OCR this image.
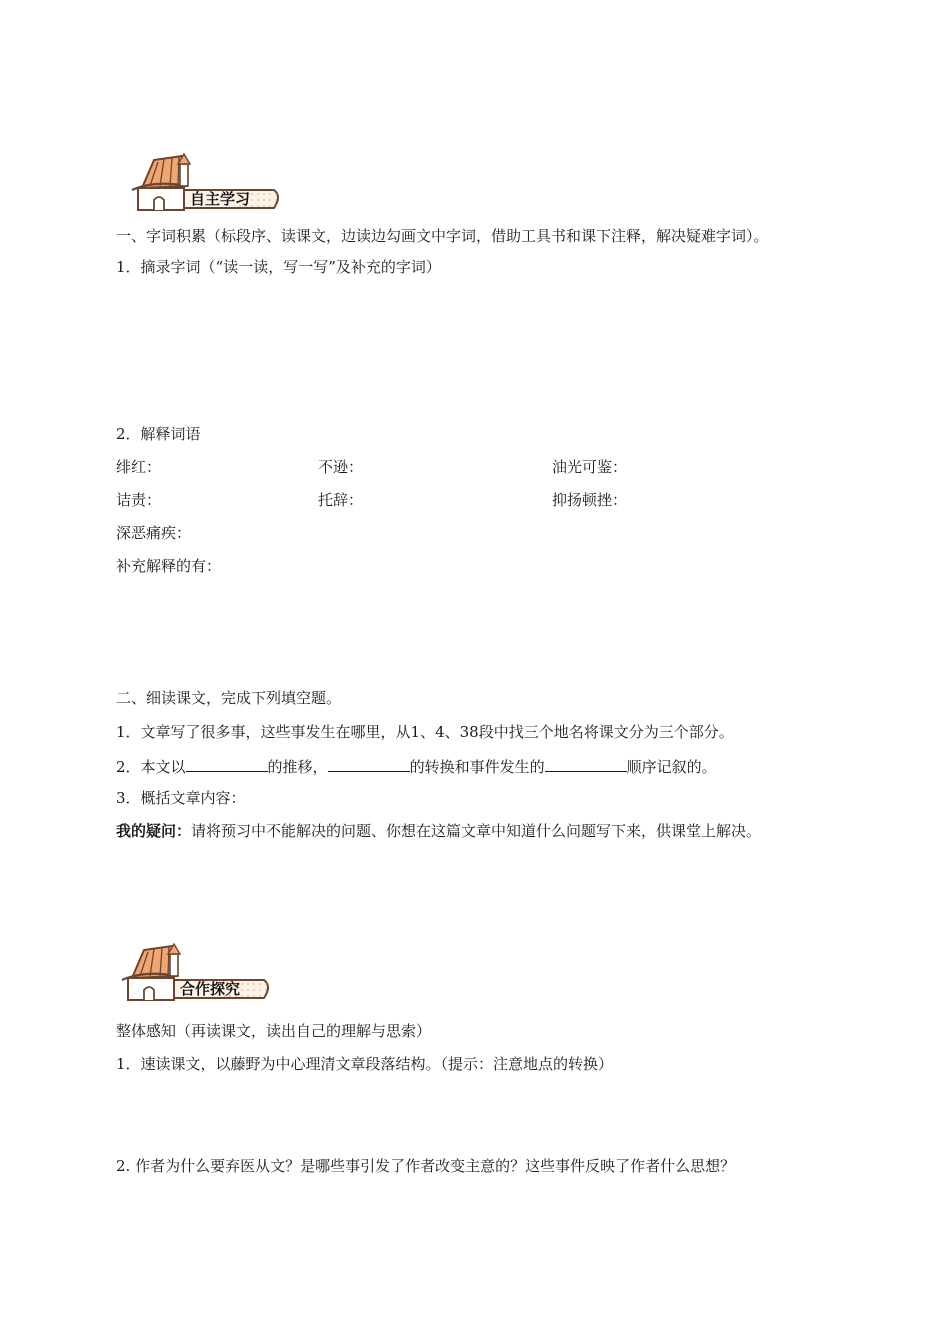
自主学习
一、字词积累（标段序、读课文，边读边勾画文中字词，借助工具书和课下注释，解决疑难字词）。
1．摘录字词（“读一读，写一写”及补充的字词）
2．解释词语
绯红：	不逊：	油光可鉴：
诘责：	托辞：	抑扬顿挫：
深恶痛疾：
补充解释的有：
二、细读课文，完成下列填空题。
1．文章写了很多事，这些事发生在哪里，从1、4、38段中找三个地名将课文分为三个部分。
2．本文以	的推移，	的转换和事件发生的	顺序记叙的。
3．概括文章内容：
我的疑问：请将预习中不能解决的问题、你想在这篇文章中知道什么问题写下来，供课堂上解决。
合作探究
整体感知（再读课文，读出自己的理解与思索）
1．速读课文，以藤野为中心理清文章段落结构。（提示：注意地点的转换）
2. 作者为什么要弃医从文？是哪些事引发了作者改变主意的？这些事件反映了作者什么思想？
